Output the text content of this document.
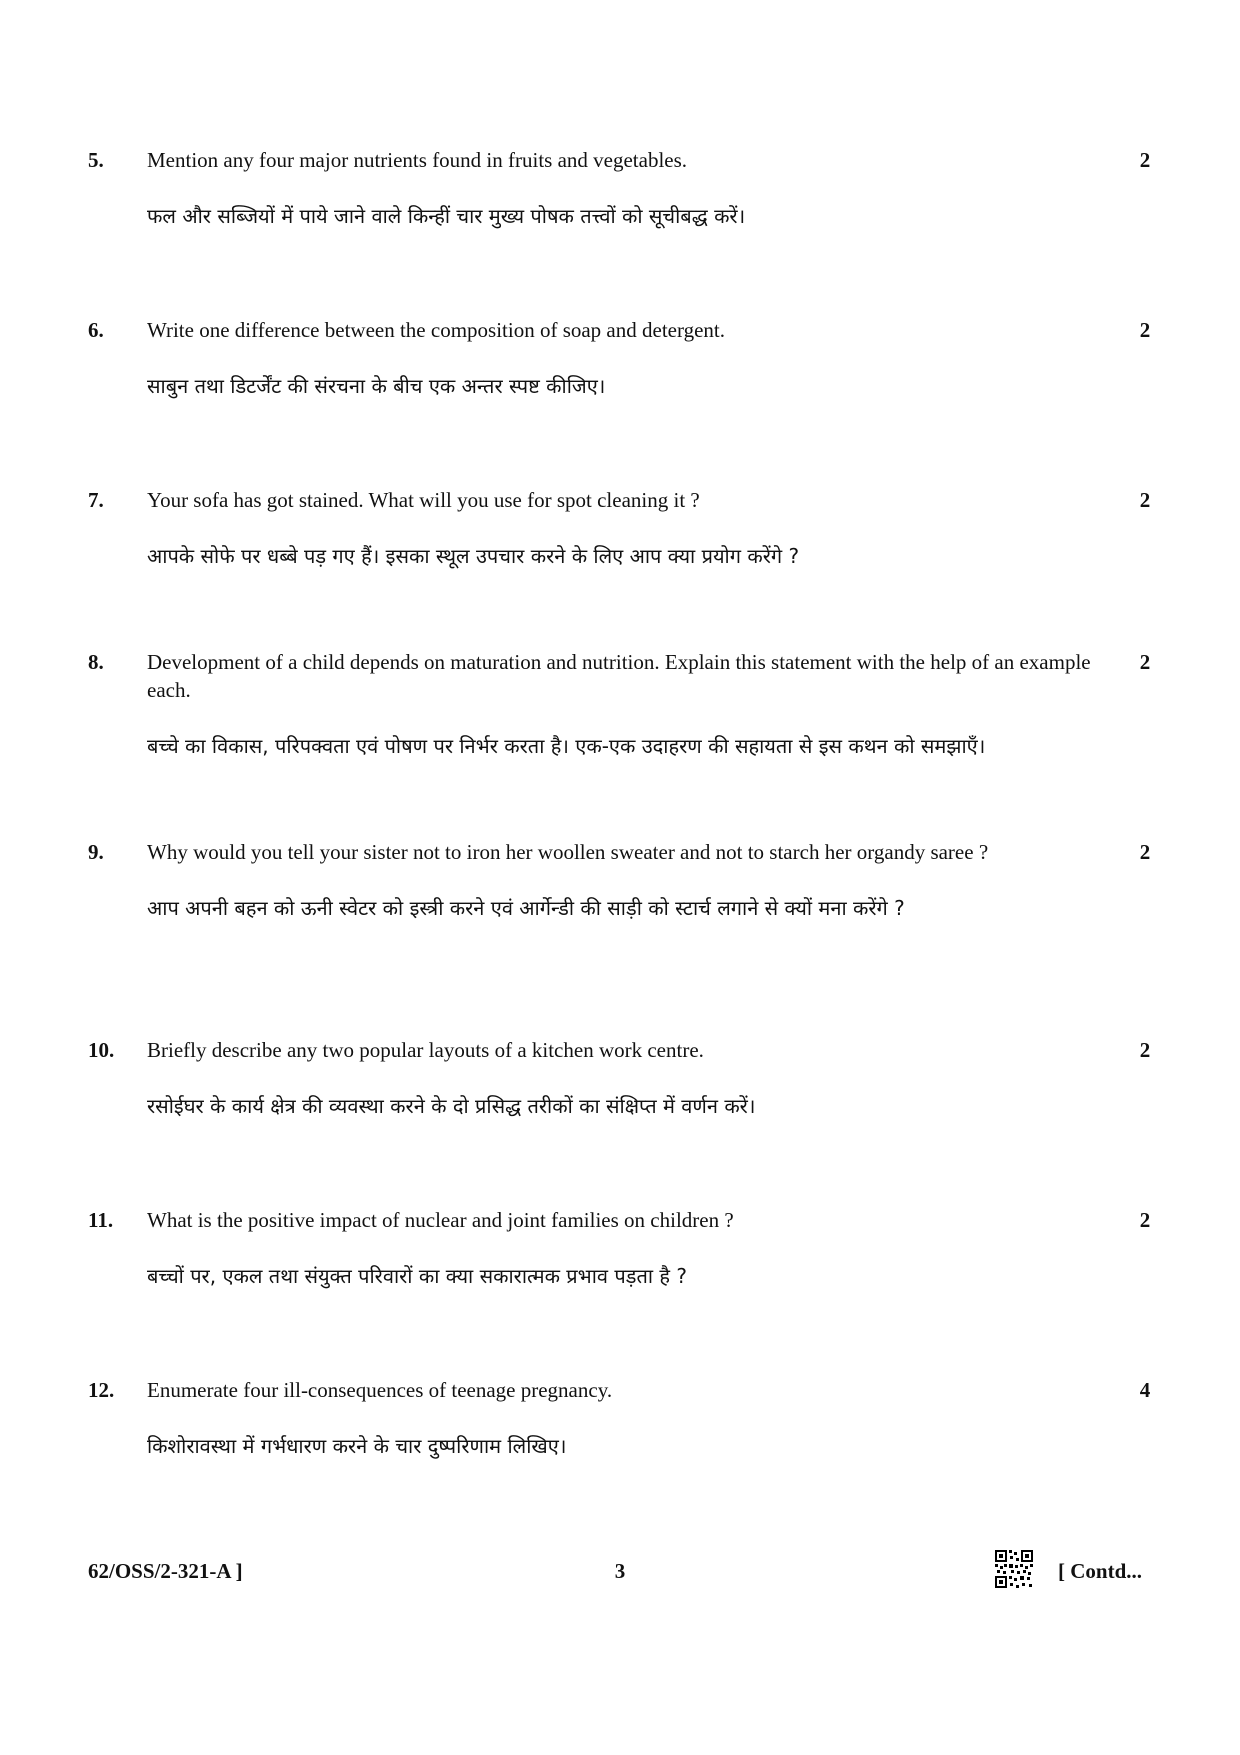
5. Mention any four major nutrients found in fruits and vegetables.

फल और सब्जियों में पाये जाने वाले किन्हीं चार मुख्य पोषक तत्त्वों को सूचीबद्ध करें।

2
6. Write one difference between the composition of soap and detergent.

साबुन तथा डिटर्जेंट की संरचना के बीच एक अन्तर स्पष्ट कीजिए।

2
7. Your sofa has got stained. What will you use for spot cleaning it ?

आपके सोफे पर धब्बे पड़ गए हैं। इसका स्थूल उपचार करने के लिए आप क्या प्रयोग करेंगे ?

2
8. Development of a child depends on maturation and nutrition. Explain this statement with the help of an example each.

बच्चे का विकास, परिपक्वता एवं पोषण पर निर्भर करता है। एक-एक उदाहरण की सहायता से इस कथन को समझाएँ।

2
9. Why would you tell your sister not to iron her woollen sweater and not to starch her organdy saree ?

आप अपनी बहन को ऊनी स्वेटर को इस्त्री करने एवं आर्गेन्डी की साड़ी को स्टार्च लगाने से क्यों मना करेंगे ?

2
10. Briefly describe any two popular layouts of a kitchen work centre.

रसोईघर के कार्य क्षेत्र की व्यवस्था करने के दो प्रसिद्ध तरीकों का संक्षिप्त में वर्णन करें।

2
11. What is the positive impact of nuclear and joint families on children ?

बच्चों पर, एकल तथा संयुक्त परिवारों का क्या सकारात्मक प्रभाव पड़ता है ?

2
12. Enumerate four ill-consequences of teenage pregnancy.

किशोरावस्था में गर्भधारण करने के चार दुष्परिणाम लिखिए।

4
62/OSS/2-321-A ]	3	[ Contd...
